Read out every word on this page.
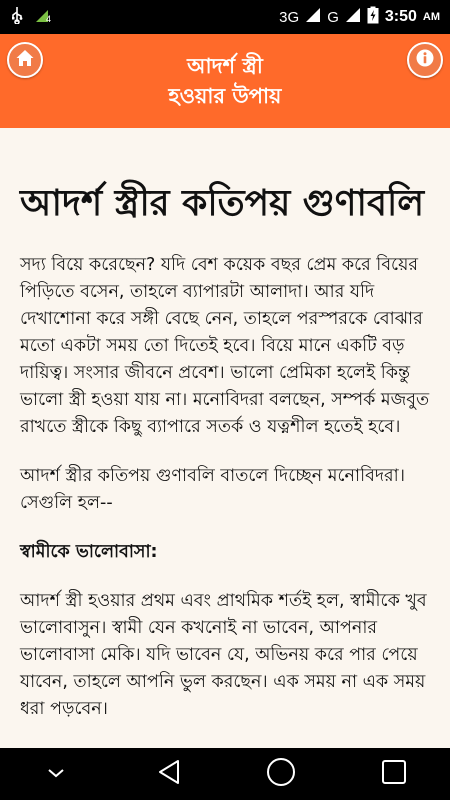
4	3G G	3:50 AM
আদর্শ স্ত্রী
হওয়ার উপায়
আদর্শ স্ত্রীর কতিপয় গুণাবলি

সদ্য বিয়ে করেছেন? যদি বেশ কয়েক বছর প্রেম করে বিয়ের পিড়িতে বসেন, তাহলে ব্যাপারটা আলাদা। আর যদি দেখাশোনা করে সঙ্গী বেছে নেন, তাহলে পরস্পরকে বোঝার মতো একটা সময় তো দিতেই হবে। বিয়ে মানে একটি বড় দায়িত্ব। সংসার জীবনে প্রবেশ। ভালো প্রেমিকা হলেই কিন্তু ভালো স্ত্রী হওয়া যায় না। মনোবিদরা বলছেন, সম্পর্ক মজবুত রাখতে স্ত্রীকে কিছু ব্যাপারে সতর্ক ও যত্নশীল হতেই হবে।

আদর্শ স্ত্রীর কতিপয় গুণাবলি বাতলে দিচ্ছেন মনোবিদরা। সেগুলি হল--

স্বামীকে ভালোবাসা:

আদর্শ স্ত্রী হওয়ার প্রথম এবং প্রাথমিক শর্তই হল, স্বামীকে খুব ভালোবাসুন। স্বামী যেন কখনোই না ভাবেন, আপনার ভালোবাসা মেকি। যদি ভাবেন যে, অভিনয় করে পার পেয়ে যাবেন, তাহলে আপনি ভুল করছেন। এক সময় না এক সময় ধরা পড়বেন।
